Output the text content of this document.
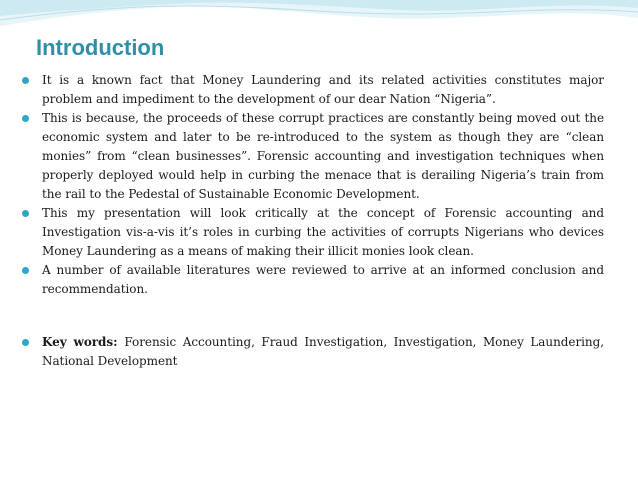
Introduction
It is a known fact that Money Laundering and its related activities constitutes major problem and impediment to the development of our dear Nation “Nigeria”.
This is because, the proceeds of these corrupt practices are constantly being moved out the economic system and later to be re-introduced to the system as though they are “clean monies” from “clean businesses”. Forensic accounting and investigation techniques when properly deployed would help in curbing the menace that is derailing Nigeria’s train from the rail to the Pedestal of Sustainable Economic Development.
This my presentation will look critically at the concept of Forensic accounting and Investigation vis-a-vis it’s roles in curbing the activities of corrupts Nigerians who devices Money Laundering as a means of making their illicit monies look clean.
A number of available literatures were reviewed to arrive at an informed conclusion and recommendation.
Key words: Forensic Accounting, Fraud Investigation, Investigation, Money Laundering, National Development
